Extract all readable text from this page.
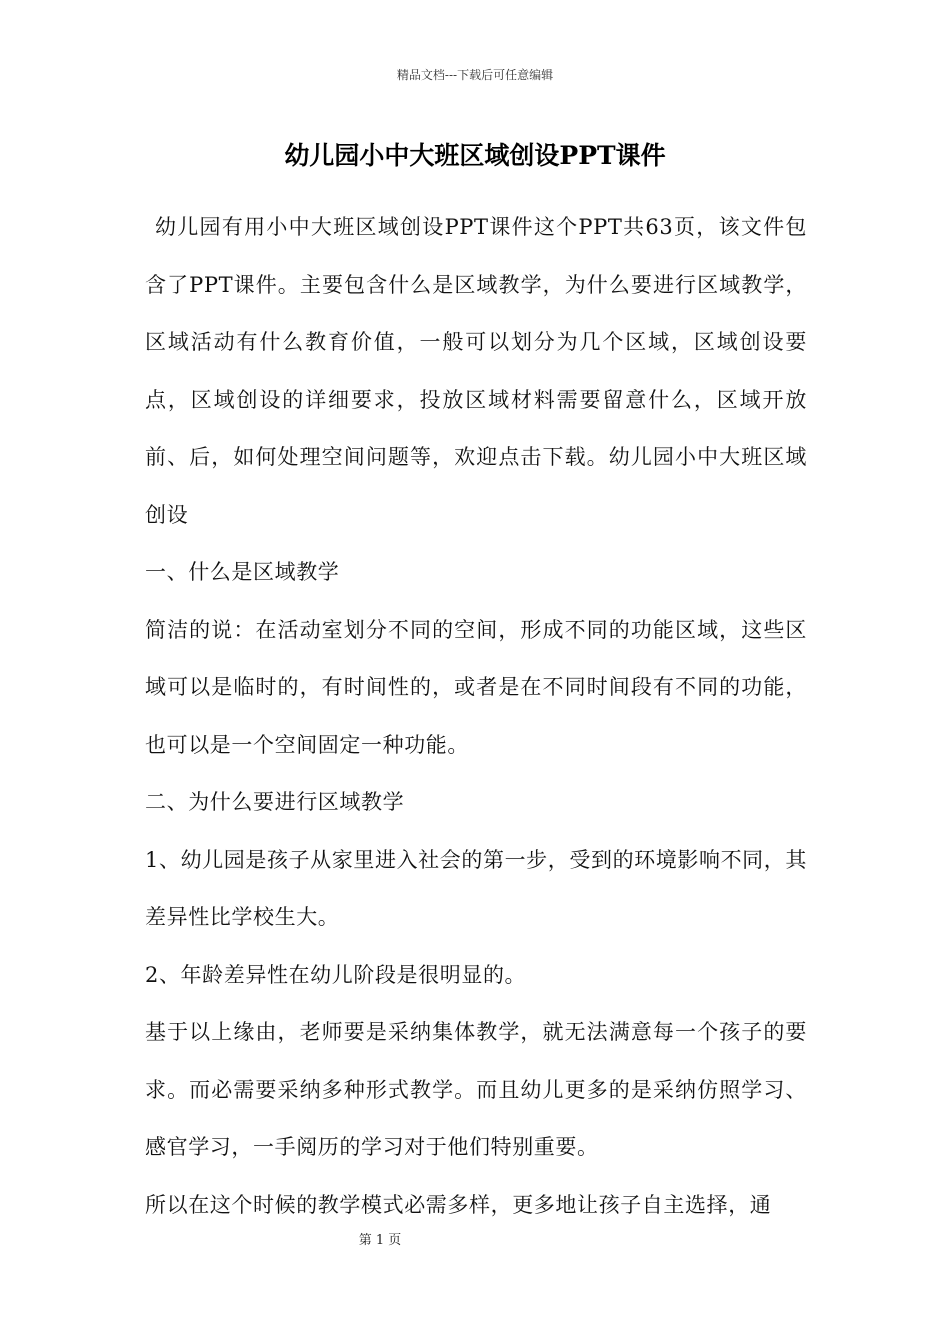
精品文档---下载后可任意编辑
幼儿园小中大班区域创设PPT课件

幼儿园有用小中大班区域创设PPT课件这个PPT共63页，该文件包含了PPT课件。主要包含什么是区域教学，为什么要进行区域教学，区域活动有什么教育价值，一般可以划分为几个区域，区域创设要点，区域创设的详细要求，投放区域材料需要留意什么，区域开放前、后，如何处理空间问题等，欢迎点击下载。幼儿园小中大班区域创设

一、什么是区域教学

简洁的说：在活动室划分不同的空间，形成不同的功能区域，这些区域可以是临时的，有时间性的，或者是在不同时间段有不同的功能，也可以是一个空间固定一种功能。

二、为什么要进行区域教学

1、幼儿园是孩子从家里进入社会的第一步，受到的环境影响不同，其差异性比学校生大。

2、年龄差异性在幼儿阶段是很明显的。

基于以上缘由，老师要是采纳集体教学，就无法满意每一个孩子的要求。而必需要采纳多种形式教学。而且幼儿更多的是采纳仿照学习、感官学习，一手阅历的学习对于他们特别重要。

所以在这个时候的教学模式必需多样，更多地让孩子自主选择，通

第 1 页
